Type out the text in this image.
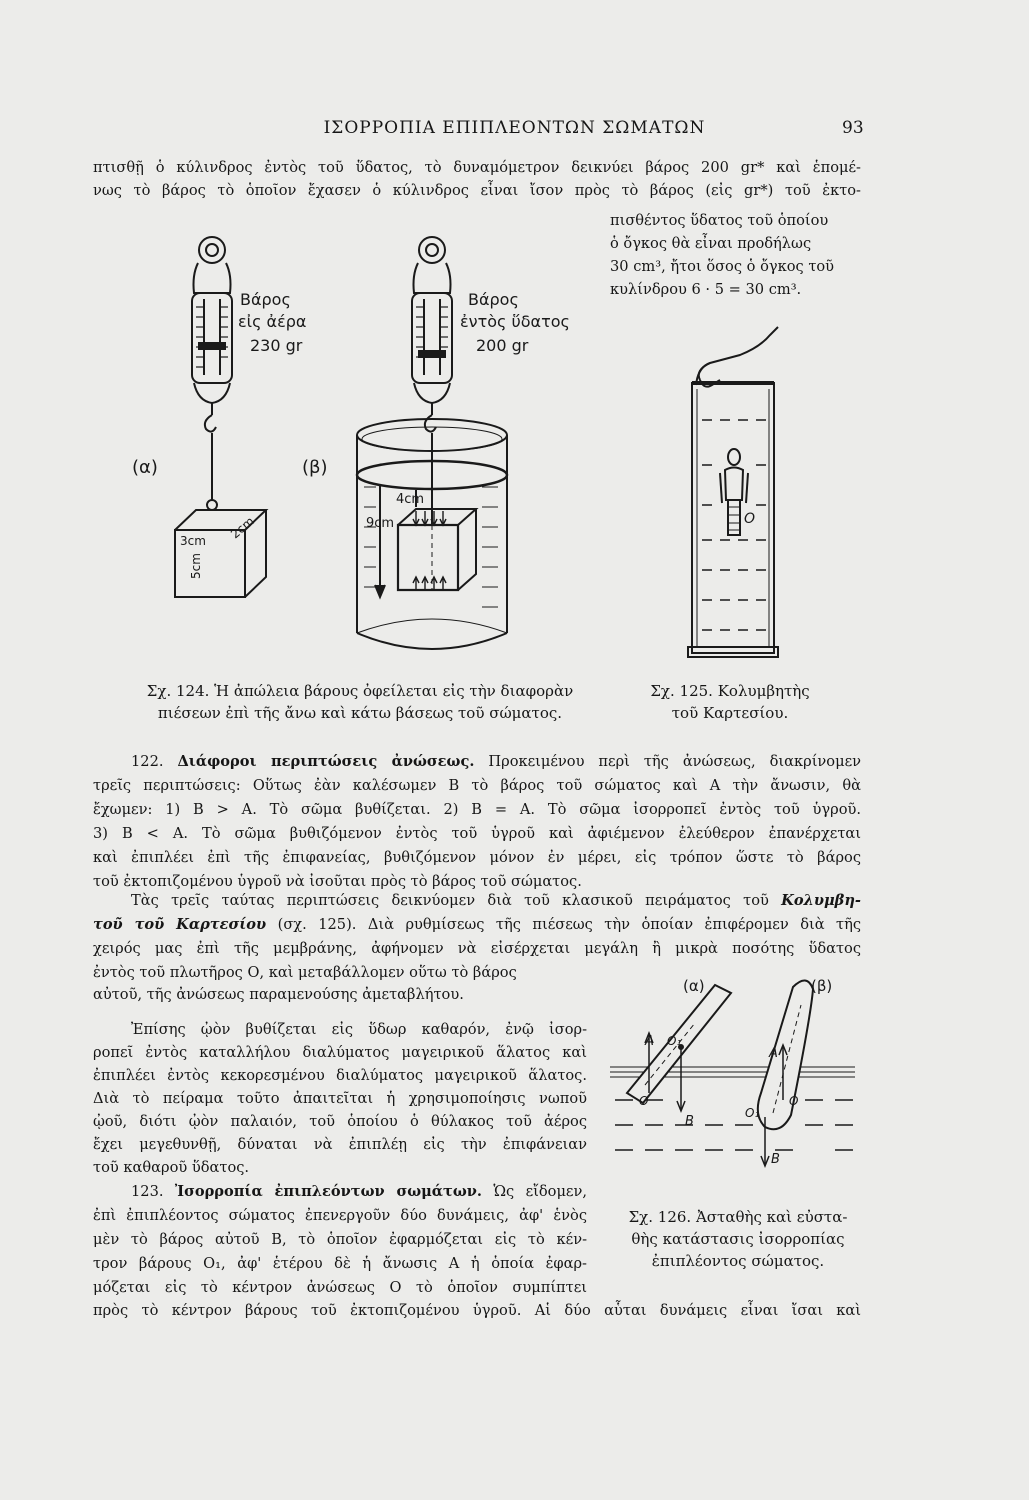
ΙΣΟΡΡΟΠΙΑ ΕΠΙΠΛΕΟΝΤΩΝ ΣΩΜΑΤΩΝ	93
πτισθῇ ὁ κύλινδρος ἐντὸς τοῦ ὕδατος, τὸ δυναμόμετρον δεικνύει βάρος 200 gr* καὶ ἑπομέ-
νως τὸ βάρος τὸ ὁποῖον ἔχασεν ὁ κύλινδρος εἶναι ἴσον πρὸς τὸ βάρος (εἰς gr*) τοῦ ἐκτο-
πισθέντος ὕδατος τοῦ ὁποίου
ὁ ὄγκος θὰ εἶναι προδήλως
30 cm³, ἤτοι ὅσος ὁ ὄγκος τοῦ
κυλίνδρου 6 · 5 = 30 cm³.
Βάρος
εἰς ἀέρα
230 gr
Βάρος
ἐντὸς ὕδατος
200 gr
(α)	(β)
3cm 2cm
5cm
4cm
9cm
Σχ. 124. Ἡ ἀπώλεια βάρους ὀφείλεται εἰς τὴν διαφορὰν
πιέσεων ἐπὶ τῆς ἄνω καὶ κάτω βάσεως τοῦ σώματος.
O
Σχ. 125. Κολυμβητὴς
τοῦ Καρτεσίου.
122. Διάφοροι περιπτώσεις ἀνώσεως. Προκειμένου περὶ τῆς ἀνώσεως, διακρίνομεν
τρεῖς περιπτώσεις: Οὕτως ἐὰν καλέσωμεν Β τὸ βάρος τοῦ σώματος καὶ Α τὴν ἄνωσιν, θὰ
ἔχωμεν: 1) Β > Α. Τὸ σῶμα βυθίζεται. 2) Β = Α. Τὸ σῶμα ἰσορροπεῖ ἐντὸς τοῦ ὑγροῦ.
3) Β < Α. Τὸ σῶμα βυθιζόμενον ἐντὸς τοῦ ὑγροῦ καὶ ἀφιέμενον ἐλεύθερον ἐπανέρχεται
καὶ ἐπιπλέει ἐπὶ τῆς ἐπιφανείας, βυθιζόμενον μόνον ἐν μέρει, εἰς τρόπον ὥστε τὸ βάρος
τοῦ ἐκτοπιζομένου ὑγροῦ νὰ ἰσοῦται πρὸς τὸ βάρος τοῦ σώματος.
Τὰς τρεῖς ταύτας περιπτώσεις δεικνύομεν διὰ τοῦ κλασικοῦ πειράματος τοῦ Κολυμβη-
τοῦ τοῦ Καρτεσίου (σχ. 125). Διὰ ρυθμίσεως τῆς πιέσεως τὴν ὁποίαν ἐπιφέρομεν διὰ τῆς
χειρός μας ἐπὶ τῆς μεμβράνης, ἀφήνομεν νὰ εἰσέρχεται μεγάλη ἢ μικρὰ ποσότης ὕδατος
ἐντὸς τοῦ πλωτῆρος Ο, καὶ μεταβάλλομεν οὕτω τὸ βάρος
αὐτοῦ, τῆς ἀνώσεως παραμενούσης ἀμεταβλήτου.
Ἐπίσης ᾠὸν βυθίζεται εἰς ὕδωρ καθαρόν, ἐνῷ ἰσορ-
ροπεῖ ἐντὸς καταλλήλου διαλύματος μαγειρικοῦ ἅλατος καὶ
ἐπιπλέει ἐντὸς κεκορεσμένου διαλύματος μαγειρικοῦ ἅλατος.
Διὰ τὸ πείραμα τοῦτο ἀπαιτεῖται ἡ χρησιμοποίησις νωποῦ
ᾠοῦ, διότι ᾠὸν παλαιόν, τοῦ ὁποίου ὁ θύλακος τοῦ ἀέρος
ἔχει μεγεθυνθῇ, δύναται νὰ ἐπιπλέῃ εἰς τὴν ἐπιφάνειαν
τοῦ καθαροῦ ὕδατος.
(α)	(β)
A
B
O₁
O
A
B
O
O₁
Σχ. 126. Ἀσταθὴς καὶ εὐστα-
θὴς κατάστασις ἰσορροπίας
ἐπιπλέοντος σώματος.
123. Ἰσορροπία ἐπιπλεόντων σωμάτων. Ὡς εἴδομεν,
ἐπὶ ἐπιπλέοντος σώματος ἐπενεργοῦν δύο δυνάμεις, ἀφ' ἑνὸς
μὲν τὸ βάρος αὐτοῦ Β, τὸ ὁποῖον ἐφαρμόζεται εἰς τὸ κέν-
τρον βάρους Ο₁, ἀφ' ἑτέρου δὲ ἡ ἄνωσις Α ἡ ὁποία ἐφαρ-
μόζεται εἰς τὸ κέντρον ἀνώσεως Ο τὸ ὁποῖον συμπίπτει
πρὸς τὸ κέντρον βάρους τοῦ ἐκτοπιζομένου ὑγροῦ. Αἱ δύο αὗται δυνάμεις εἶναι ἴσαι καὶ
